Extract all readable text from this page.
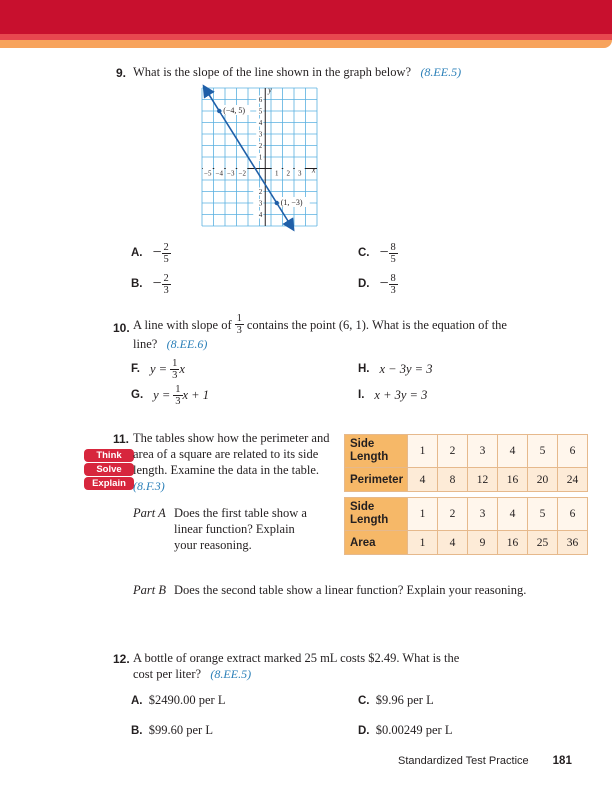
9. What is the slope of the line shown in the graph below? (8.EE.5)
x
y
−5 −4 −3 −2	1 2 3
1
2
3
4
5
6
2
3
4
(−4, 5)
(1, −3)
A. − $\frac{2}{5}$
B. − $\frac{2}{3}$
C. − $\frac{8}{5}$
D. − $\frac{8}{3}$
10. A line with slope of $\frac{1}{3}$ contains the point (6, 1). What is the equation of the
line? (8.EE.6)
F. $y = \frac{1}{3}$ x
G. $y = \frac{1}{3}$ x + 1
H. x − 3y = 3
I. x + 3y = 3
11.
Think
Solve
Explain
The tables show how the perimeter and
area of a square are related to its side
length. Examine the data in the table.
(8.F.3)
Side Length	1	2	3	4	5	6
Perimeter	4	8	12	16	20	24
Side Length	1	2	3	4	5	6
Area	1	4	9	16	25	36
Part A Does the first table show a
linear function? Explain
your reasoning.
Part B Does the second table show a linear function? Explain your reasoning.
12. A bottle of orange extract marked 25 mL costs $2.49. What is the
cost per liter? (8.EE.5)
A. $2490.00 per L
B. $99.60 per L
C. $9.96 per L
D. $0.00249 per L
Standardized Test Practice 181
